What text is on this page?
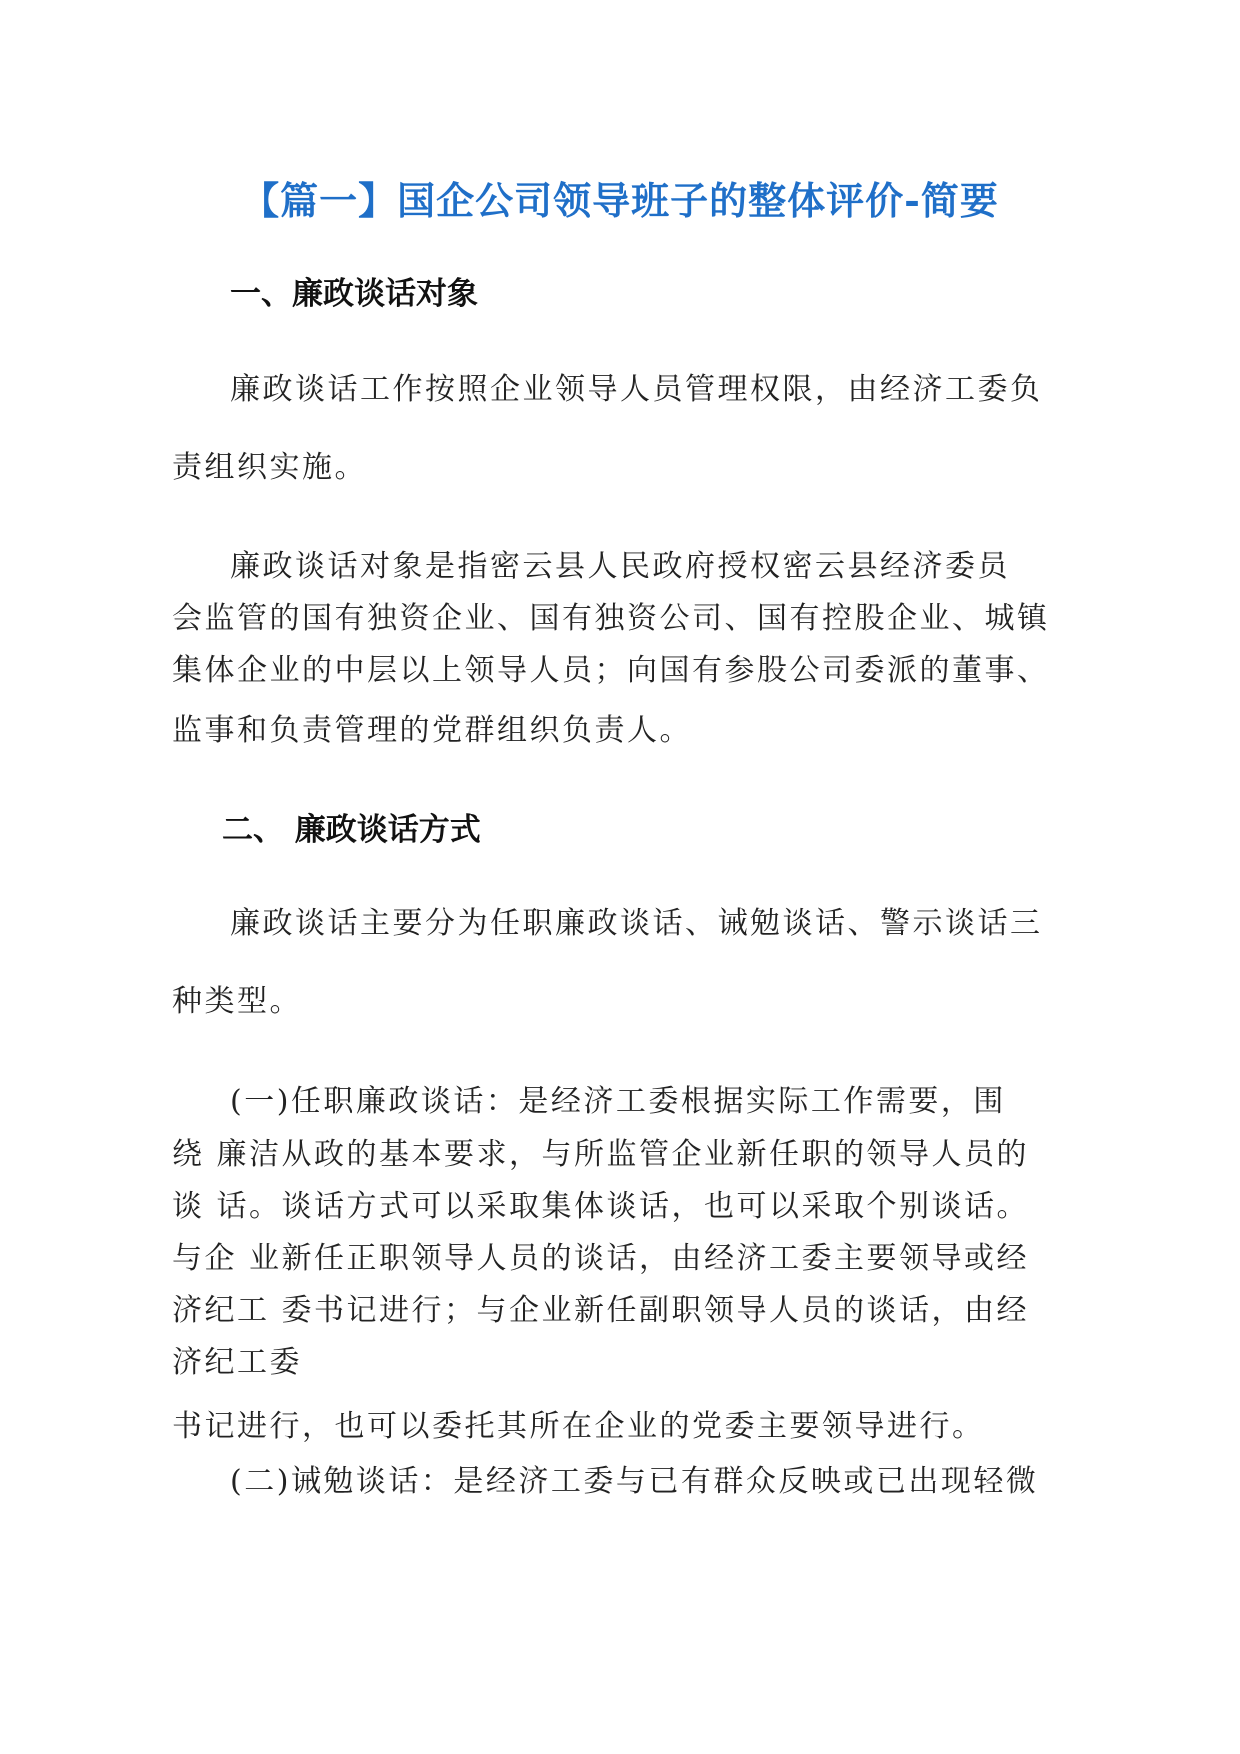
【篇一】国企公司领导班子的整体评价-简要
一、廉政谈话对象
廉政谈话工作按照企业领导人员管理权限，由经济工委负
责组织实施。
廉政谈话对象是指密云县人民政府授权密云县经济委员
会监管的国有独资企业、国有独资公司、国有控股企业、城镇
集体企业的中层以上领导人员；向国有参股公司委派的董事、
监事和负责管理的党群组织负责人。
二、 廉政谈话方式
廉政谈话主要分为任职廉政谈话、诫勉谈话、警示谈话三
种类型。
(一)任职廉政谈话：是经济工委根据实际工作需要，围
绕 廉洁从政的基本要求，与所监管企业新任职的领导人员的
谈 话。谈话方式可以采取集体谈话，也可以采取个别谈话。
与企 业新任正职领导人员的谈话，由经济工委主要领导或经
济纪工 委书记进行；与企业新任副职领导人员的谈话，由经
济纪工委
书记进行，也可以委托其所在企业的党委主要领导进行。
(二)诫勉谈话：是经济工委与已有群众反映或已出现轻微
